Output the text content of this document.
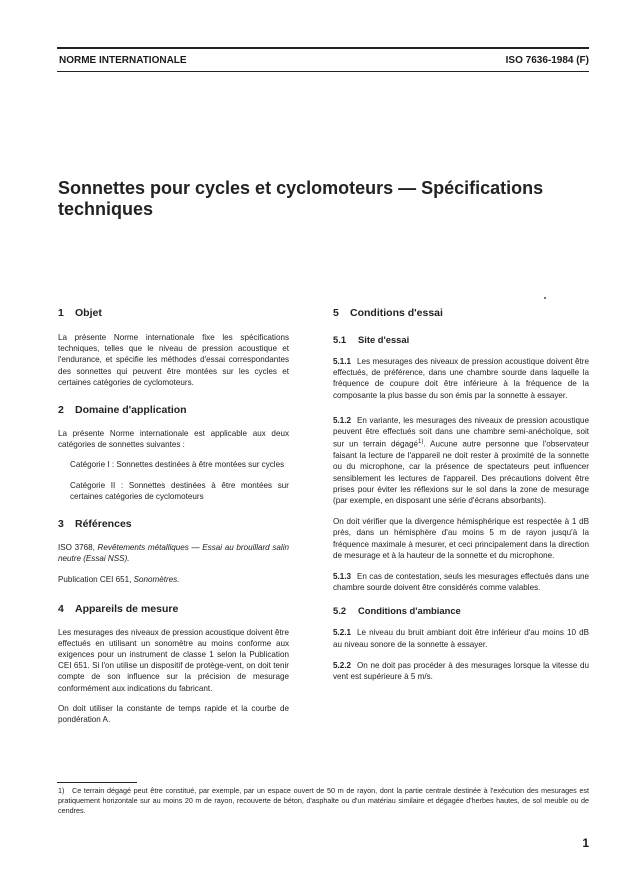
NORME INTERNATIONALE	ISO 7636-1984 (F)
Sonnettes pour cycles et cyclomoteurs — Spécifications
techniques
1 Objet

La présente Norme internationale fixe les spécifications techniques, telles que le niveau de pression acoustique et l'endurance, et spécifie les méthodes d'essai correspondantes des sonnettes qui peuvent être montées sur les cycles et certaines catégories de cyclomoteurs.

2 Domaine d'application

La présente Norme internationale est applicable aux deux catégories de sonnettes suivantes :

Catégorie I : Sonnettes destinées à être montées sur cycles

Catégorie II : Sonnettes destinées à être montées sur certaines catégories de cyclomoteurs

3 Références

ISO 3768, Revêtements métalliques — Essai au brouillard salin neutre (Essai NSS).

Publication CEI 651, Sonomètres.

4 Appareils de mesure

Les mesurages des niveaux de pression acoustique doivent être effectués en utilisant un sonomètre au moins conforme aux exigences pour un instrument de classe 1 selon la Publication CEI 651. Si l'on utilise un dispositif de protège-vent, on doit tenir compte de son influence sur la précision de mesurage conformément aux indications du fabricant.

On doit utiliser la constante de temps rapide et la courbe de pondération A.

5 Conditions d'essai
5.1 Site d'essai

5.1.1 Les mesurages des niveaux de pression acoustique doivent être effectués, de préférence, dans une chambre sourde dans laquelle la fréquence de coupure doit être inférieure à la fréquence de la composante la plus basse du son émis par la sonnette à essayer.

5.1.2 En variante, les mesurages des niveaux de pression acoustique peuvent être effectués soit dans une chambre semi-anéchoïque, soit sur un terrain dégagé$^{1)}$. Aucune autre personne que l'observateur faisant la lecture de l'appareil ne doit rester à proximité de la sonnette ou du microphone, car la présence de spectateurs peut influencer sensiblement les lectures de l'appareil. Des précautions doivent être prises pour éviter les réflexions sur le sol dans la zone de mesurage (par exemple, en disposant une série d'écrans absorbants).

On doit vérifier que la divergence hémisphérique est respectée à 1 dB près, dans un hémisphère d'au moins 5 m de rayon jusqu'à la fréquence maximale à mesurer, et ceci principalement dans la direction de mesurage et à la hauteur de la sonnette et du microphone.

5.1.3 En cas de contestation, seuls les mesurages effectués dans une chambre sourde doivent être considérés comme valables.

5.2 Conditions d'ambiance

5.2.1 Le niveau du bruit ambiant doit être inférieur d'au moins 10 dB au niveau sonore de la sonnette à essayer.

5.2.2 On ne doit pas procéder à des mesurages lorsque la vitesse du vent est supérieure à 5 m/s.

1) Ce terrain dégagé peut être constitué, par exemple, par un espace ouvert de 50 m de rayon, dont la partie centrale destinée à l'exécution des mesurages est pratiquement horizontale sur au moins 20 m de rayon, recouverte de béton, d'asphalte ou d'un matériau similaire et dégagée d'herbes hautes, de sol meuble ou de cendres.
1
